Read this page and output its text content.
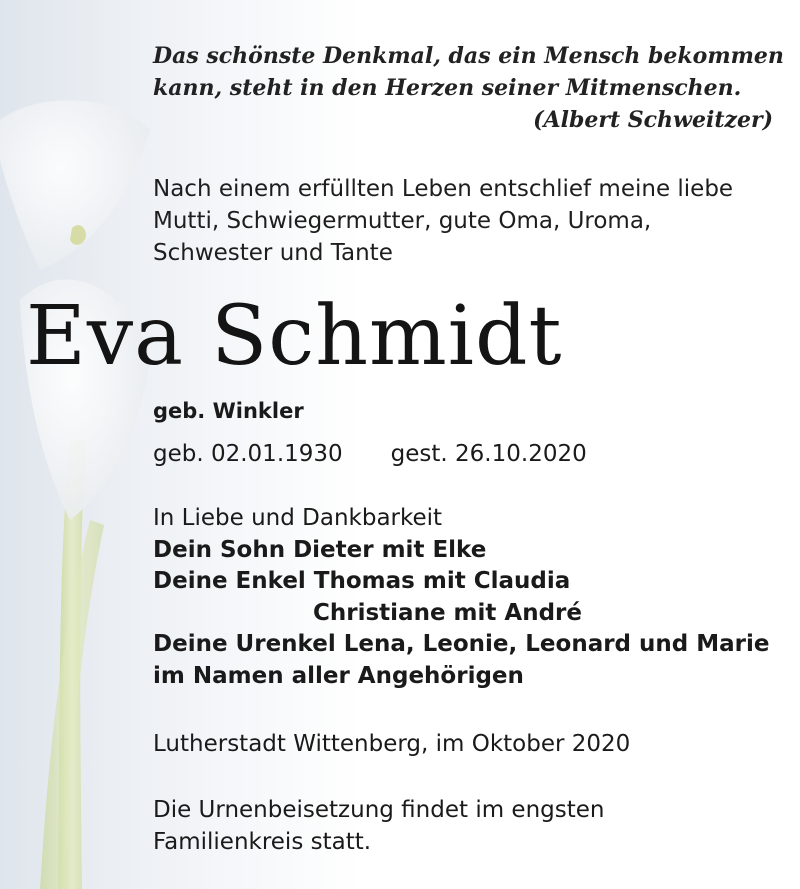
Das schönste Denkmal, das ein Mensch bekommen
kann, steht in den Herzen seiner Mitmenschen.
(Albert Schweitzer)

Nach einem erfüllten Leben entschlief meine liebe
Mutti, Schwiegermutter, gute Oma, Uroma,
Schwester und Tante

Eva Schmidt

geb. Winkler

geb. 02.01.1930 gest. 26.10.2020

In Liebe und Dankbarkeit
Dein Sohn Dieter mit Elke
Deine Enkel Thomas mit Claudia
Christiane mit André
Deine Urenkel Lena, Leonie, Leonard und Marie
im Namen aller Angehörigen

Lutherstadt Wittenberg, im Oktober 2020

Die Urnenbeisetzung findet im engsten
Familienkreis statt.
